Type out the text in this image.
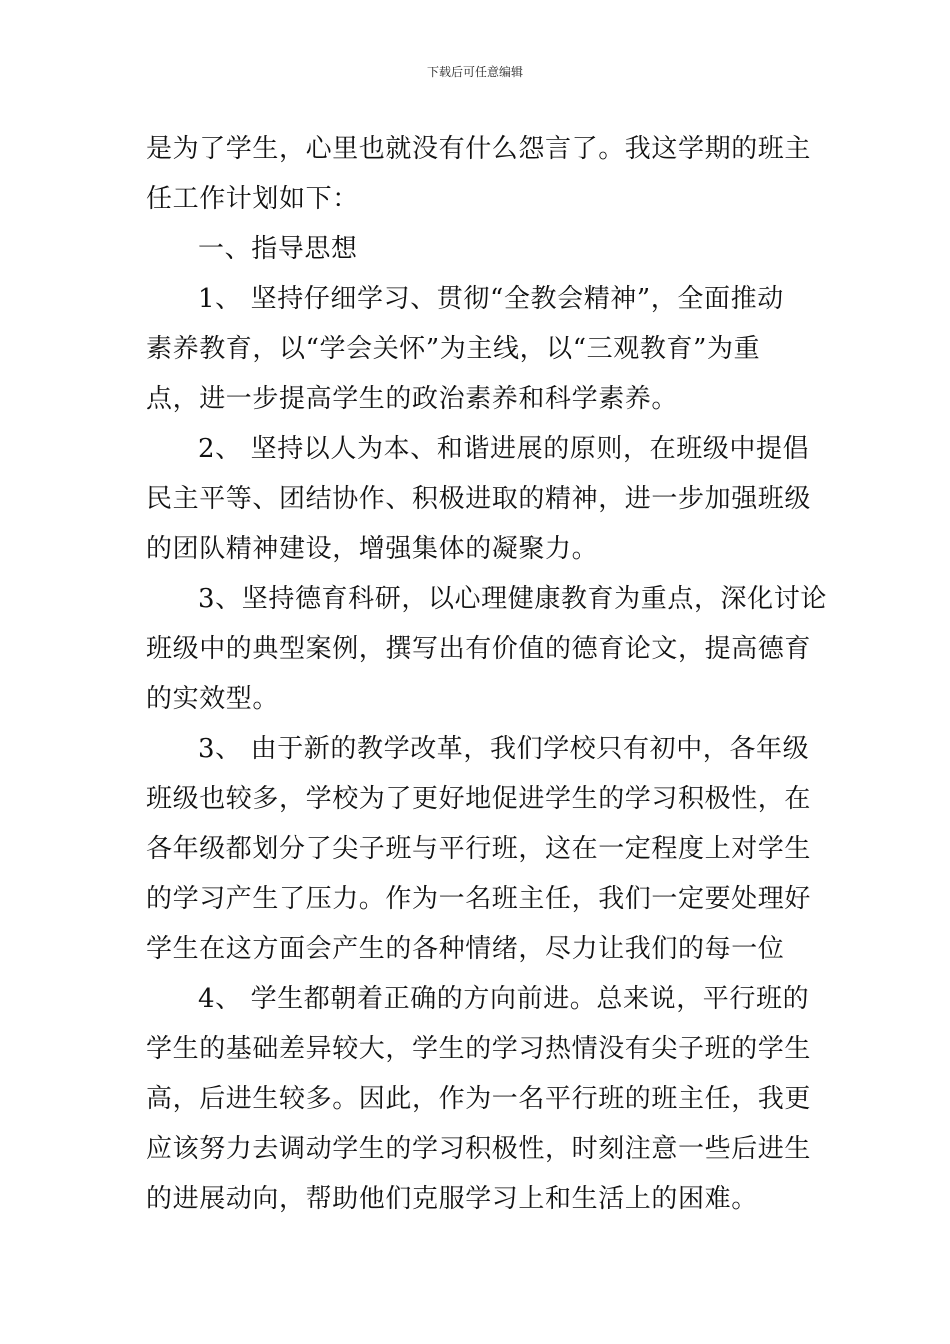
下载后可任意编辑
是为了学生，心里也就没有什么怨言了。我这学期的班主
任工作计划如下：
一、指导思想
1、 坚持仔细学习、贯彻“全教会精神”，全面推动
素养教育，以“学会关怀”为主线，以“三观教育”为重
点，进一步提高学生的政治素养和科学素养。
2、 坚持以人为本、和谐进展的原则，在班级中提倡
民主平等、团结协作、积极进取的精神，进一步加强班级
的团队精神建设，增强集体的凝聚力。
3、坚持德育科研，以心理健康教育为重点，深化讨论
班级中的典型案例，撰写出有价值的德育论文，提高德育
的实效型。
3、 由于新的教学改革，我们学校只有初中，各年级
班级也较多，学校为了更好地促进学生的学习积极性，在
各年级都划分了尖子班与平行班，这在一定程度上对学生
的学习产生了压力。作为一名班主任，我们一定要处理好
学生在这方面会产生的各种情绪，尽力让我们的每一位
4、 学生都朝着正确的方向前进。总来说，平行班的
学生的基础差异较大，学生的学习热情没有尖子班的学生
高，后进生较多。因此，作为一名平行班的班主任，我更
应该努力去调动学生的学习积极性，时刻注意一些后进生
的进展动向，帮助他们克服学习上和生活上的困难。
